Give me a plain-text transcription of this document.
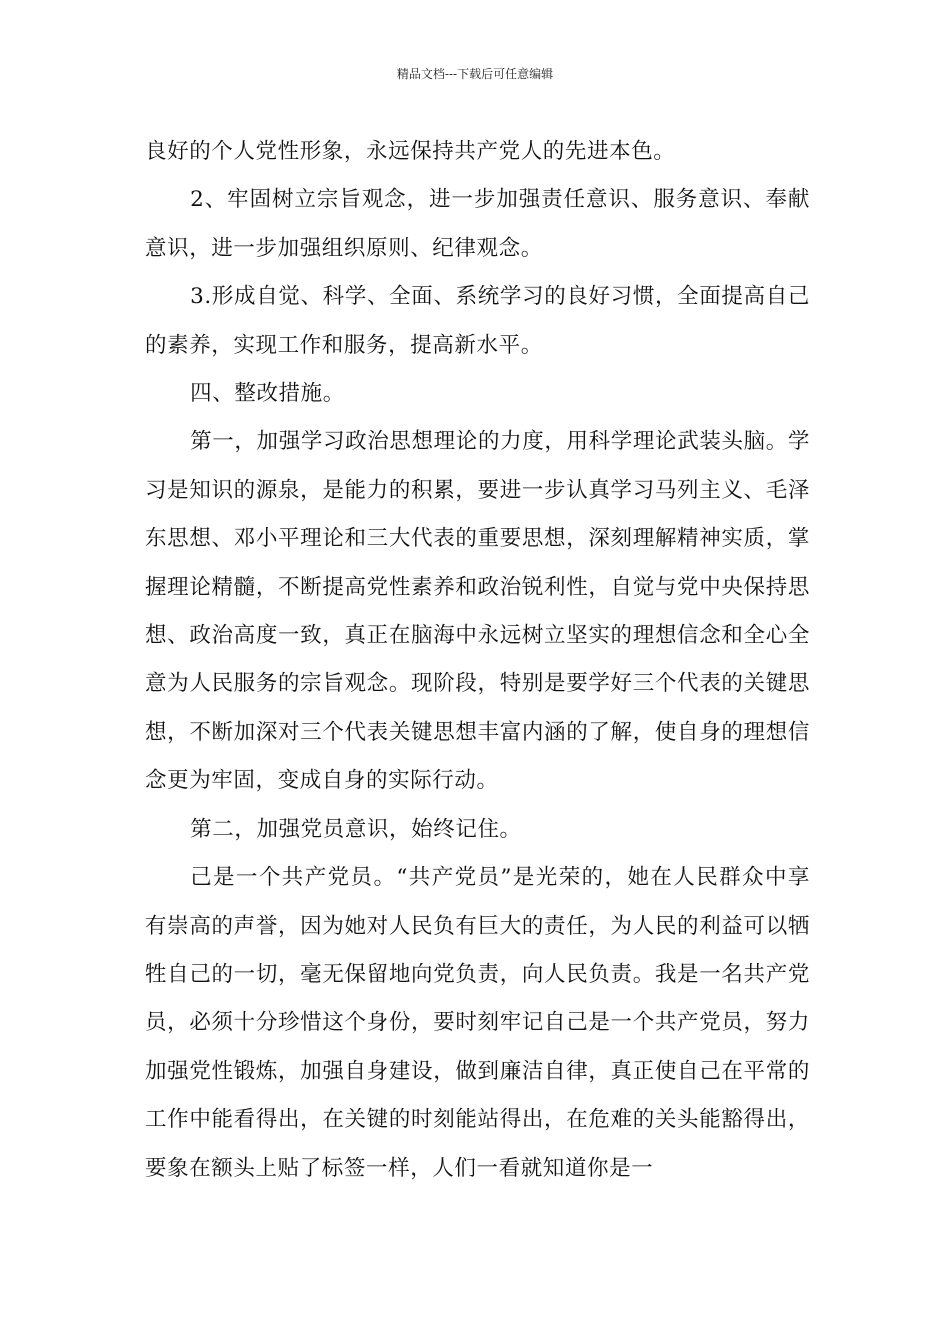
精品文档---下载后可任意编辑

良好的个人党性形象，永远保持共产党人的先进本色。

2、牢固树立宗旨观念，进一步加强责任意识、服务意识、奉献意识，进一步加强组织原则、纪律观念。

3.形成自觉、科学、全面、系统学习的良好习惯，全面提高自己的素养，实现工作和服务，提高新水平。

四、整改措施。

第一，加强学习政治思想理论的力度，用科学理论武装头脑。学习是知识的源泉，是能力的积累，要进一步认真学习马列主义、毛泽东思想、邓小平理论和三大代表的重要思想，深刻理解精神实质，掌握理论精髓，不断提高党性素养和政治锐利性，自觉与党中央保持思想、政治高度一致，真正在脑海中永远树立坚实的理想信念和全心全意为人民服务的宗旨观念。现阶段，特别是要学好三个代表的关键思想，不断加深对三个代表关键思想丰富内涵的了解，使自身的理想信念更为牢固，变成自身的实际行动。

第二，加强党员意识，始终记住。

己是一个共产党员。“共产党员”是光荣的，她在人民群众中享有崇高的声誉，因为她对人民负有巨大的责任，为人民的利益可以牺牲自己的一切，毫无保留地向党负责，向人民负责。我是一名共产党员，必须十分珍惜这个身份，要时刻牢记自己是一个共产党员，努力加强党性锻炼，加强自身建设，做到廉洁自律，真正使自己在平常的工作中能看得出，在关键的时刻能站得出，在危难的关头能豁得出，要象在额头上贴了标签一样，人们一看就知道你是一
